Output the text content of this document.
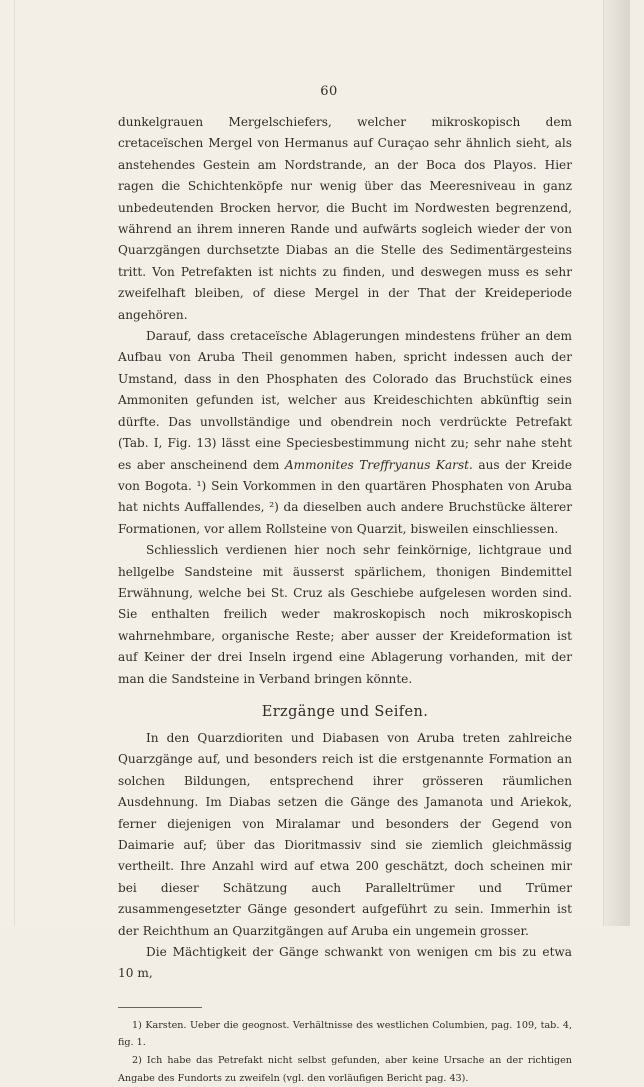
60

dunkelgrauen Mergelschiefers, welcher mikroskopisch dem cretaceïschen Mergel von Hermanus auf Curaçao sehr ähnlich sieht, als anstehendes Gestein am Nordstrande, an der Boca dos Playos. Hier ragen die Schichtenköpfe nur wenig über das Meeresniveau in ganz unbedeutenden Brocken hervor, die Bucht im Nordwesten begrenzend, während an ihrem inneren Rande und aufwärts sogleich wieder der von Quarzgängen durchsetzte Diabas an die Stelle des Sedimentärgesteins tritt. Von Petrefakten ist nichts zu finden, und deswegen muss es sehr zweifelhaft bleiben, of diese Mergel in der That der Kreideperiode angehören.

Darauf, dass cretaceïsche Ablagerungen mindestens früher an dem Aufbau von Aruba Theil genommen haben, spricht indessen auch der Umstand, dass in den Phosphaten des Colorado das Bruchstück eines Ammoniten gefunden ist, welcher aus Kreideschichten abkünftig sein dürfte. Das unvollständige und obendrein noch verdrückte Petrefakt (Tab. I, Fig. 13) lässt eine Speciesbestimmung nicht zu; sehr nahe steht es aber anscheinend dem Ammonites Treffryanus Karst. aus der Kreide von Bogota. ¹) Sein Vorkommen in den quartären Phosphaten von Aruba hat nichts Auffallendes, ²) da dieselben auch andere Bruchstücke älterer Formationen, vor allem Rollsteine von Quarzit, bisweilen einschliessen.

Schliesslich verdienen hier noch sehr feinkörnige, lichtgraue und hellgelbe Sandsteine mit äusserst spärlichem, thonigen Bindemittel Erwähnung, welche bei St. Cruz als Geschiebe aufgelesen worden sind. Sie enthalten freilich weder makroskopisch noch mikroskopisch wahrnehmbare, organische Reste; aber ausser der Kreideformation ist auf Keiner der drei Inseln irgend eine Ablagerung vorhanden, mit der man die Sandsteine in Verband bringen könnte.

Erzgänge und Seifen.

In den Quarzdioriten und Diabasen von Aruba treten zahlreiche Quarzgänge auf, und besonders reich ist die erstgenannte Formation an solchen Bildungen, entsprechend ihrer grösseren räumlichen Ausdehnung. Im Diabas setzen die Gänge des Jamanota und Ariekok, ferner diejenigen von Miralamar und besonders der Gegend von Daimarie auf; über das Dioritmassiv sind sie ziemlich gleichmässig vertheilt. Ihre Anzahl wird auf etwa 200 geschätzt, doch scheinen mir bei dieser Schätzung auch Paralleltrümer und Trümer zusammengesetzter Gänge gesondert aufgeführt zu sein. Immerhin ist der Reichthum an Quarzitgängen auf Aruba ein ungemein grosser.

Die Mächtigkeit der Gänge schwankt von wenigen cm bis zu etwa 10 m,

1) Karsten. Ueber die geognost. Verhältnisse des westlichen Columbien, pag. 109, tab. 4, fig. 1.

2) Ich habe das Petrefakt nicht selbst gefunden, aber keine Ursache an der richtigen Angabe des Fundorts zu zweifeln (vgl. den vorläufigen Bericht pag. 43).
